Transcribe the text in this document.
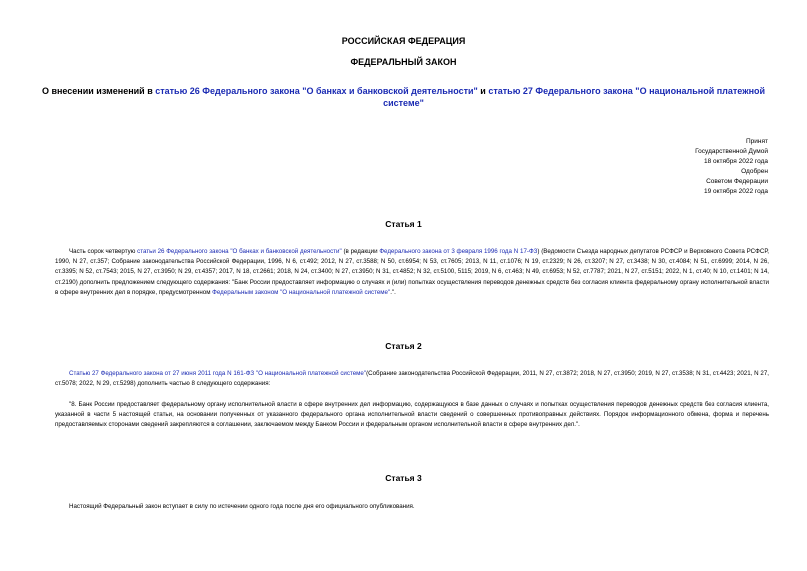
РОССИЙСКАЯ ФЕДЕРАЦИЯ
ФЕДЕРАЛЬНЫЙ ЗАКОН
О внесении изменений в статью 26 Федерального закона "О банках и банковской деятельности" и статью 27 Федерального закона "О национальной платежной системе"
Принят
Государственной Думой
18 октября 2022 года
Одобрен
Советом Федерации
19 октября 2022 года
Статья 1
Часть сорок четвертую статьи 26 Федерального закона "О банках и банковской деятельности" (в редакции Федерального закона от 3 февраля 1996 года N 17-ФЗ) (Ведомости Съезда народных депутатов РСФСР и Верховного Совета РСФСР, 1990, N 27, ст.357; Собрание законодательства Российской Федерации, 1996, N 6, ст.492; 2012, N 27, ст.3588; N 50, ст.6954; N 53, ст.7605; 2013, N 11, ст.1076; N 19, ст.2329; N 26, ст.3207; N 27, ст.3438; N 30, ст.4084; N 51, ст.6999; 2014, N 26, ст.3395; N 52, ст.7543; 2015, N 27, ст.3950; N 29, ст.4357; 2017, N 18, ст.2661; 2018, N 24, ст.3400; N 27, ст.3950; N 31, ст.4852; N 32, ст.5100, 5115; 2019, N 6, ст.463; N 49, ст.6953; N 52, ст.7787; 2021, N 27, ст.5151; 2022, N 1, ст.40; N 10, ст.1401; N 14, ст.2190) дополнить предложением следующего содержания: "Банк России предоставляет информацию о случаях и (или) попытках осуществления переводов денежных средств без согласия клиента федеральному органу исполнительной власти в сфере внутренних дел в порядке, предусмотренном Федеральным законом "О национальной платежной системе".".
Статья 2
Статью 27 Федерального закона от 27 июня 2011 года N 161-ФЗ "О национальной платежной системе"(Собрание законодательства Российской Федерации, 2011, N 27, ст.3872; 2018, N 27, ст.3950; 2019, N 27, ст.3538; N 31, ст.4423; 2021, N 27, ст.5078; 2022, N 29, ст.5298) дополнить частью 8 следующего содержания:
"8. Банк России предоставляет федеральному органу исполнительной власти в сфере внутренних дел информацию, содержащуюся в базе данных о случаях и попытках осуществления переводов денежных средств без согласия клиента, указанной в части 5 настоящей статьи, на основании полученных от указанного федерального органа исполнительной власти сведений о совершенных противоправных действиях. Порядок информационного обмена, форма и перечень предоставляемых сторонами сведений закрепляются в соглашении, заключаемом между Банком России и федеральным органом исполнительной власти в сфере внутренних дел.".
Статья 3
Настоящий Федеральный закон вступает в силу по истечении одного года после дня его официального опубликования.
